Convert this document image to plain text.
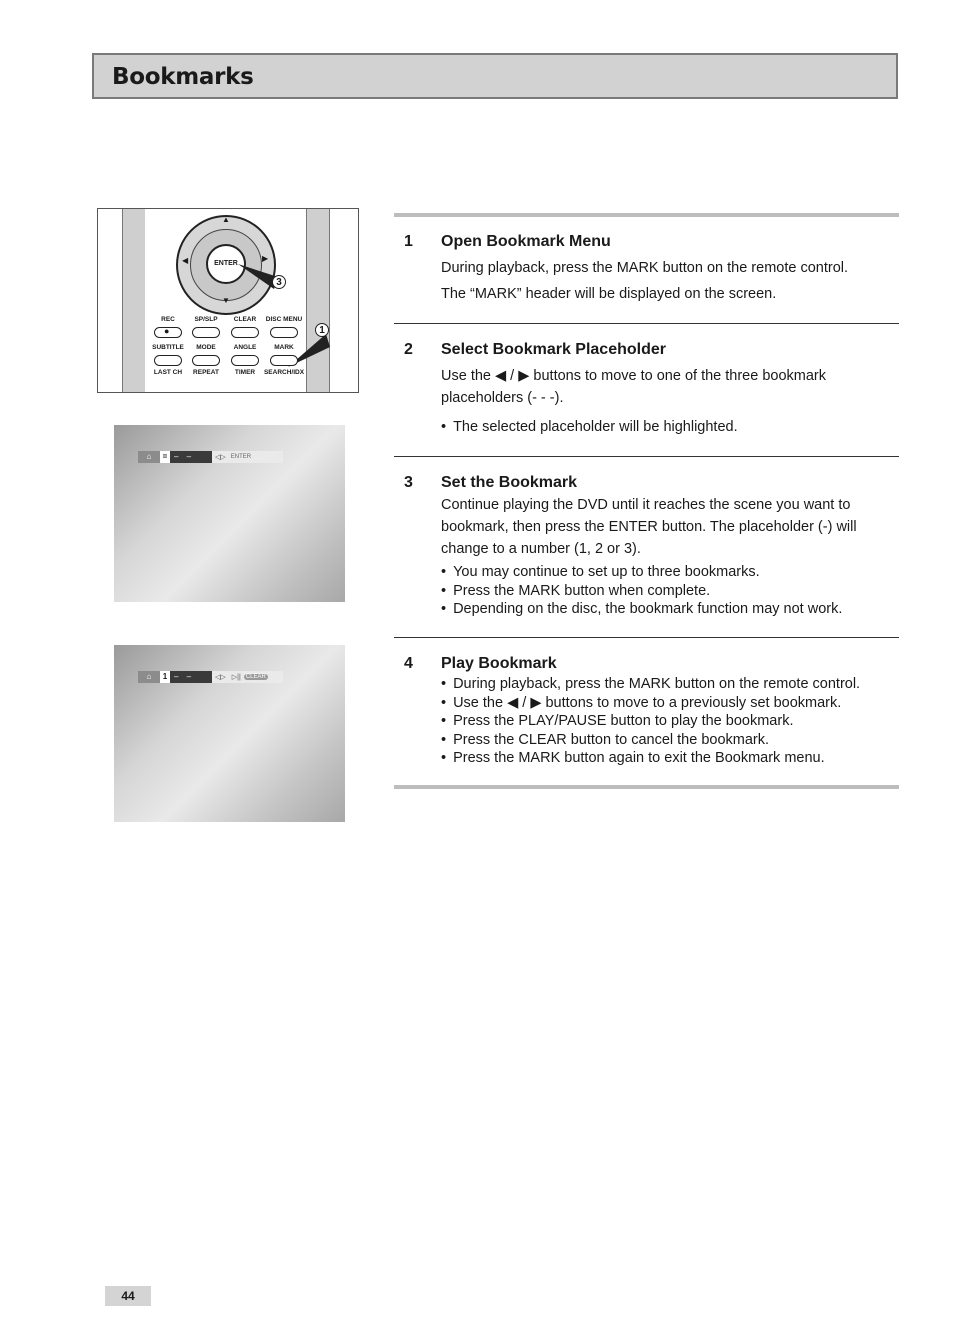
Bookmarks
▲
▼
◀	▶
ENTER
3
1
REC	SP/SLP	CLEAR	DISC MENU
●
SUBTITLE	MODE	ANGLE	MARK
LAST CH	REPEAT	TIMER	SEARCH/IDX
⌂	= – –	◁▷ ENTER
⌂	1 – –	◁▷ ▷|| CLEAR
1 Open Bookmark Menu
During playback, press the MARK button on the remote control.
The “MARK” header will be displayed on the screen.
2 Select Bookmark Placeholder
Use the ◀ / ▶ buttons to move to one of the three bookmark placeholders (- - -).
• The selected placeholder will be highlighted.
3 Set the Bookmark
Continue playing the DVD until it reaches the scene you want to bookmark, then press the ENTER button. The placeholder (-) will change to a number (1, 2 or 3).
• You may continue to set up to three bookmarks.
• Press the MARK button when complete.
• Depending on the disc, the bookmark function may not work.
4 Play Bookmark
• During playback, press the MARK button on the remote control.
• Use the ◀ / ▶ buttons to move to a previously set bookmark.
• Press the PLAY/PAUSE button to play the bookmark.
• Press the CLEAR button to cancel the bookmark.
• Press the MARK button again to exit the Bookmark menu.
44
